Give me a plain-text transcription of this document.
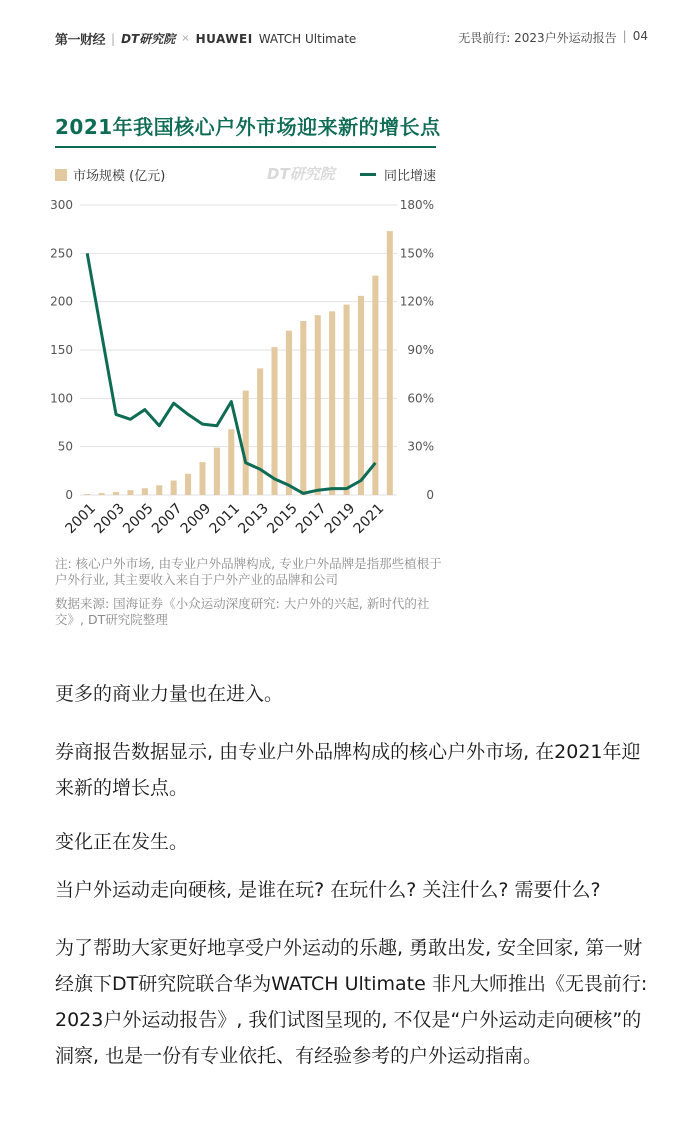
第一财经 | DT研究院 × HUAWEI WATCH Ultimate	无畏前行: 2023户外运动报告 | 04
2021年我国核心户外市场迎来新的增长点
市场规模 (亿元)	DT研究院	同比增速
0	0
50	30%
100	60%
150	90%
200	120%
250	150%
300	180%
2001
2003
2005
2007
2009
2011
2013
2015
2017
2019
2021
注: 核心户外市场, 由专业户外品牌构成, 专业户外品牌是指那些植根于户外行业, 其主要收入来自于户外产业的品牌和公司
数据来源: 国海证券《小众运动深度研究: 大户外的兴起, 新时代的社交》, DT研究院整理
更多的商业力量也在进入。
券商报告数据显示, 由专业户外品牌构成的核心户外市场, 在2021年迎来新的增长点。
变化正在发生。
当户外运动走向硬核, 是谁在玩? 在玩什么? 关注什么? 需要什么?
为了帮助大家更好地享受户外运动的乐趣, 勇敢出发, 安全回家, 第一财经旗下DT研究院联合华为WATCH Ultimate 非凡大师推出《无畏前行: 2023户外运动报告》, 我们试图呈现的, 不仅是“户外运动走向硬核”的洞察, 也是一份有专业依托、有经验参考的户外运动指南。
